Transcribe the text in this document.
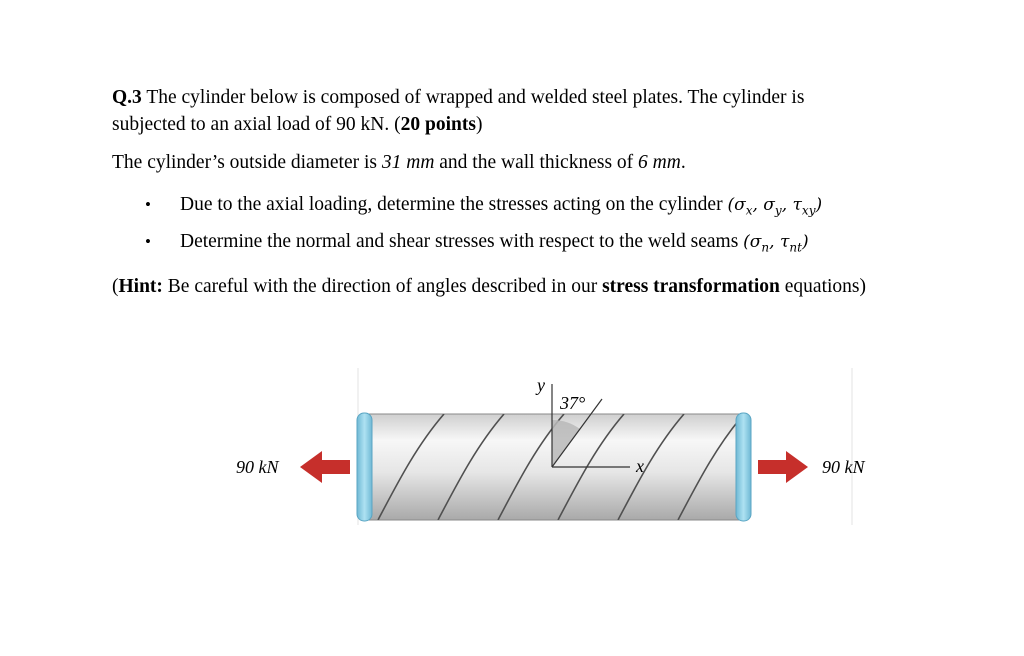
Q.3 The cylinder below is composed of wrapped and welded steel plates. The cylinder is
subjected to an axial load of 90 kN. (20 points)

The cylinder’s outside diameter is 31 mm and the wall thickness of 6 mm.

• Due to the axial loading, determine the stresses acting on the cylinder ($\sigma_x$, $\sigma_y$, $\tau_{xy}$)
• Determine the normal and shear stresses with respect to the weld seams ($\sigma_n$, $\tau_{nt}$)

(Hint: Be careful with the direction of angles described in our stress transformation equations)

y
37°
x
90 kN	90 kN
